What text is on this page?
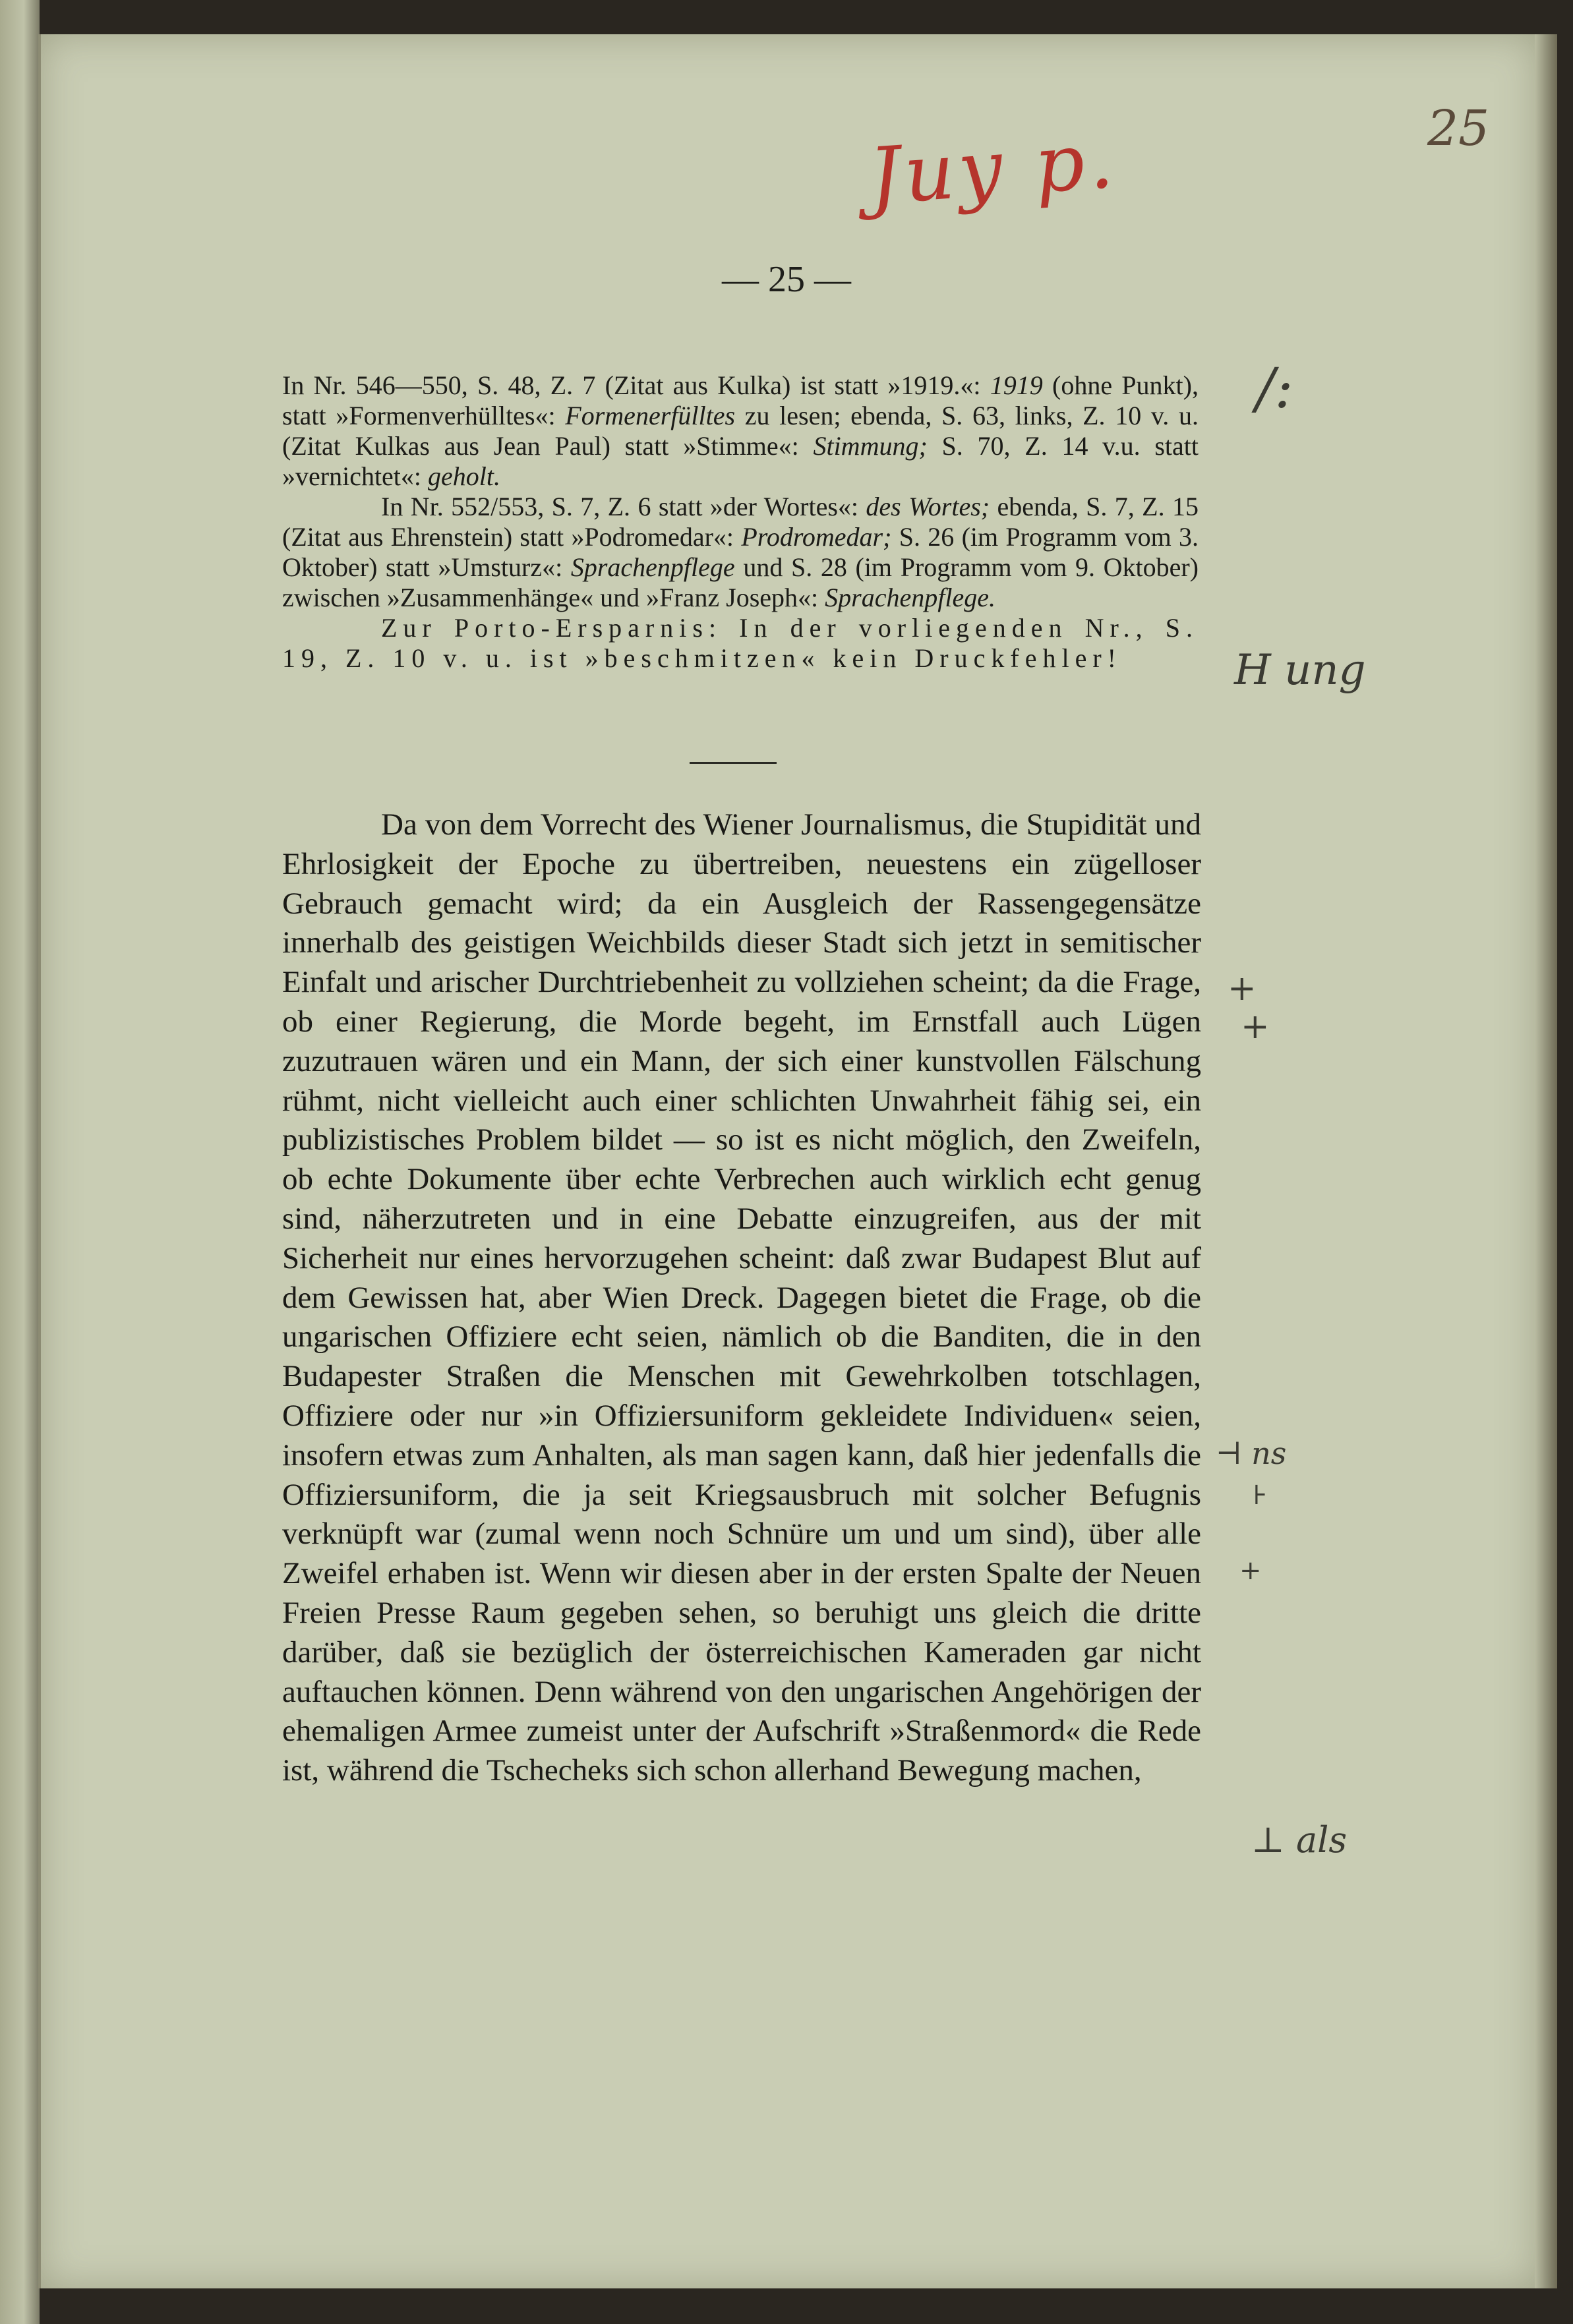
Juy p.	25
— 25 —

In Nr. 546—550, S. 48, Z. 7 (Zitat aus Kulka) ist statt »1919.«: 1919 (ohne Punkt), statt »Formenverhülltes«: Formenerfülltes zu lesen; ebenda, S. 63, links, Z. 10 v. u. (Zitat Kulkas aus Jean Paul) statt »Stimme«: Stimmung; S. 70, Z. 14 v.u. statt »vernichtet«: geholt.

In Nr. 552/553, S. 7, Z. 6 statt »der Wortes«: des Wortes; ebenda, S. 7, Z. 15 (Zitat aus Ehrenstein) statt »Podromedar«: Prodromedar; S. 26 (im Programm vom 3. Oktober) statt »Umsturz«: Sprachenpflege und S. 28 (im Programm vom 9. Oktober) zwischen »Zusammenhänge« und »Franz Joseph«: Sprachenpflege.

Zur Porto-Ersparnis: In der vorliegenden Nr., S. 19, Z. 10 v. u. ist »beschmitzen« kein Druckfehler!

Da von dem Vorrecht des Wiener Journalismus, die Stupidität und Ehrlosigkeit der Epoche zu übertreiben, neuestens ein zügelloser Gebrauch gemacht wird; da ein Ausgleich der Rassengegensätze innerhalb des geistigen Weichbilds dieser Stadt sich jetzt in semitischer Einfalt und arischer Durchtriebenheit zu vollziehen scheint; da die Frage, ob einer Regierung, die Morde begeht, im Ernstfall auch Lügen zuzutrauen wären und ein Mann, der sich einer kunstvollen Fälschung rühmt, nicht vielleicht auch einer schlichten Unwahrheit fähig sei, ein publizistisches Problem bildet — so ist es nicht möglich, den Zweifeln, ob echte Dokumente über echte Verbrechen auch wirklich echt genug sind, näherzutreten und in eine Debatte einzugreifen, aus der mit Sicherheit nur eines hervorzugehen scheint: daß zwar Budapest Blut auf dem Gewissen hat, aber Wien Dreck. Dagegen bietet die Frage, ob die ungarischen Offiziere echt seien, nämlich ob die Banditen, die in den Budapester Straßen die Menschen mit Gewehrkolben totschlagen, Offiziere oder nur »in Offiziersuniform gekleidete Individuen« seien, insofern etwas zum Anhalten, als man sagen kann, daß hier jedenfalls die Offiziersuniform, die ja seit Kriegsausbruch mit solcher Befugnis verknüpft war (zumal wenn noch Schnüre um und um sind), über alle Zweifel erhaben ist. Wenn wir diesen aber in der ersten Spalte der Neuen Freien Presse Raum gegeben sehen, so beruhigt uns gleich die dritte darüber, daß sie bezüglich der österreichischen Kameraden gar nicht auftauchen können. Denn während von den ungarischen Angehörigen der ehemaligen Armee zumeist unter der Aufschrift »Straßenmord« die Rede ist, während die Tschecheks sich schon allerhand Bewegung machen,

/:
H ung
+
+
⊣ ns
⊦
+
⊥ als
